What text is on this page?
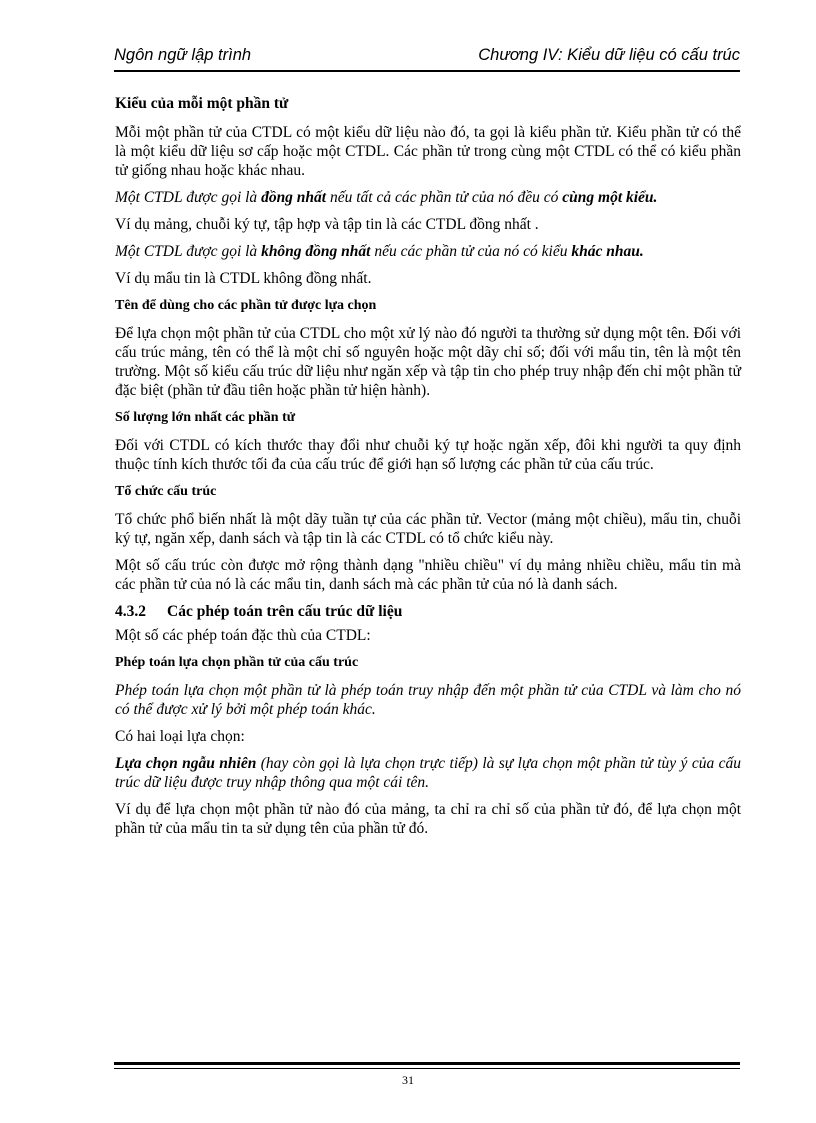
Ngôn ngữ lập trình	Chương IV: Kiểu dữ liệu có cấu trúc
Kiểu của mỗi một phần tử

Mỗi một phần tử của CTDL có một kiểu dữ liệu nào đó, ta gọi là kiểu phần tử. Kiểu phần tử có thể là một kiểu dữ liệu sơ cấp hoặc một CTDL. Các phần tử trong cùng một CTDL có thể có kiểu phần tử giống nhau hoặc khác nhau.

Một CTDL được gọi là đồng nhất nếu tất cả các phần tử của nó đều có cùng một kiểu.

Ví dụ mảng, chuỗi ký tự, tập hợp và tập tin là các CTDL đồng nhất .

Một CTDL được gọi là không đồng nhất nếu các phần tử của nó có kiểu khác nhau.

Ví dụ mẩu tin là CTDL không đồng nhất.

Tên để dùng cho các phần tử được lựa chọn

Để lựa chọn một phần tử của CTDL cho một xử lý nào đó người ta thường sử dụng một tên. Đối với cấu trúc mảng, tên có thể là một chỉ số nguyên hoặc một dãy chỉ số; đối với mẩu tin, tên là một tên trường. Một số kiểu cấu trúc dữ liệu như ngăn xếp và tập tin cho phép truy nhập đến chỉ một phần tử đặc biệt (phần tử đầu tiên hoặc phần tử hiện hành).

Số lượng lớn nhất các phần tử

Đối với CTDL có kích thước thay đổi như chuỗi ký tự hoặc ngăn xếp, đôi khi người ta quy định thuộc tính kích thước tối đa của cấu trúc để giới hạn số lượng các phần tử của cấu trúc.

Tổ chức cấu trúc

Tổ chức phổ biến nhất là một dãy tuần tự của các phần tử. Vector (mảng một chiều), mẩu tin, chuỗi ký tự, ngăn xếp, danh sách và tập tin là các CTDL có tổ chức kiểu này.

Một số cấu trúc còn được mở rộng thành dạng "nhiều chiều" ví dụ mảng nhiều chiều, mẩu tin mà các phần tử của nó là các mẩu tin, danh sách mà các phần tử của nó là danh sách.

4.3.2 Các phép toán trên cấu trúc dữ liệu

Một số các phép toán đặc thù của CTDL:

Phép toán lựa chọn phần tử của cấu trúc

Phép toán lựa chọn một phần tử là phép toán truy nhập đến một phần tử của CTDL và làm cho nó có thể được xử lý bởi một phép toán khác.

Có hai loại lựa chọn:

Lựa chọn ngẫu nhiên (hay còn gọi là lựa chọn trực tiếp) là sự lựa chọn một phần tử tùy ý của cấu trúc dữ liệu được truy nhập thông qua một cái tên.

Ví dụ để lựa chọn một phần tử nào đó của mảng, ta chỉ ra chỉ số của phần tử đó, để lựa chọn một phần tử của mẩu tin ta sử dụng tên của phần tử đó.

31
